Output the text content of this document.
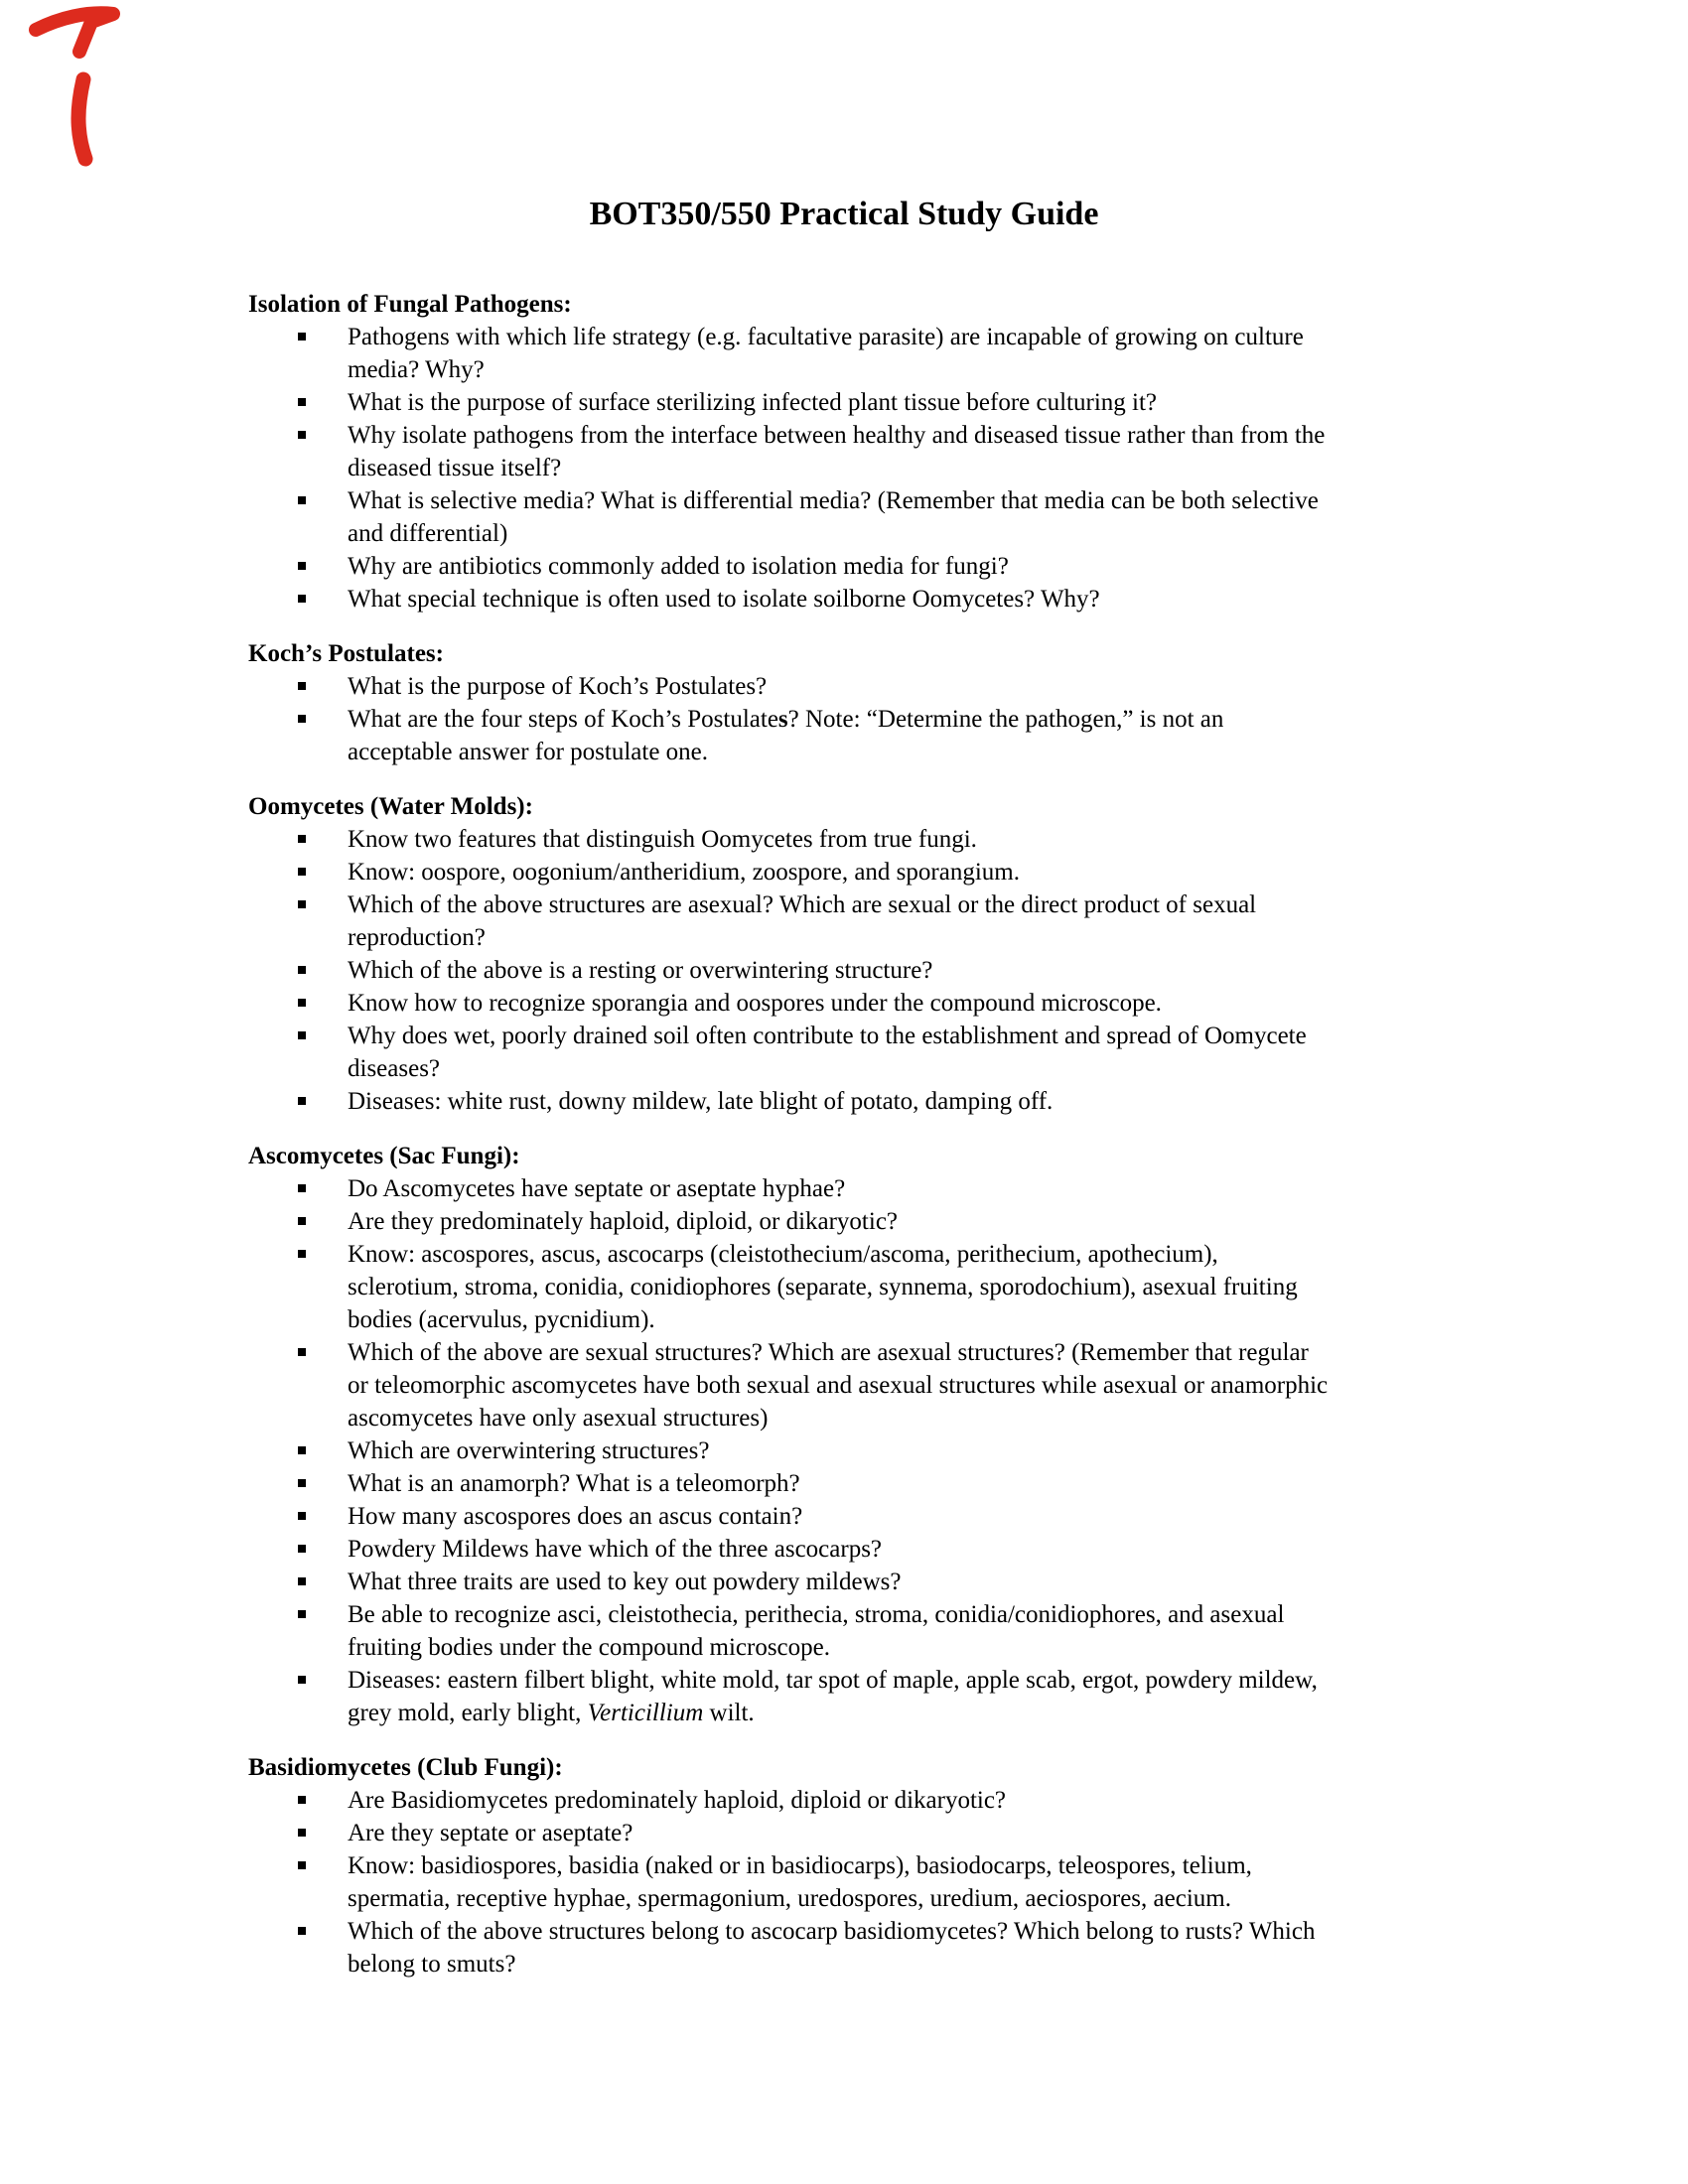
BOT350/550 Practical Study Guide
Isolation of Fungal Pathogens:
Pathogens with which life strategy (e.g. facultative parasite) are incapable of growing on culture
media? Why?
What is the purpose of surface sterilizing infected plant tissue before culturing it?
Why isolate pathogens from the interface between healthy and diseased tissue rather than from the
diseased tissue itself?
What is selective media? What is differential media? (Remember that media can be both selective
and differential)
Why are antibiotics commonly added to isolation media for fungi?
What special technique is often used to isolate soilborne Oomycetes? Why?
Koch’s Postulates:
What is the purpose of Koch’s Postulates?
What are the four steps of Koch’s Postulates? Note: “Determine the pathogen,” is not an
acceptable answer for postulate one.
Oomycetes (Water Molds):
Know two features that distinguish Oomycetes from true fungi.
Know: oospore, oogonium/antheridium, zoospore, and sporangium.
Which of the above structures are asexual? Which are sexual or the direct product of sexual
reproduction?
Which of the above is a resting or overwintering structure?
Know how to recognize sporangia and oospores under the compound microscope.
Why does wet, poorly drained soil often contribute to the establishment and spread of Oomycete
diseases?
Diseases: white rust, downy mildew, late blight of potato, damping off.
Ascomycetes (Sac Fungi):
Do Ascomycetes have septate or aseptate hyphae?
Are they predominately haploid, diploid, or dikaryotic?
Know: ascospores, ascus, ascocarps (cleistothecium/ascoma, perithecium, apothecium),
sclerotium, stroma, conidia, conidiophores (separate, synnema, sporodochium), asexual fruiting
bodies (acervulus, pycnidium).
Which of the above are sexual structures? Which are asexual structures? (Remember that regular
or teleomorphic ascomycetes have both sexual and asexual structures while asexual or anamorphic
ascomycetes have only asexual structures)
Which are overwintering structures?
What is an anamorph? What is a teleomorph?
How many ascospores does an ascus contain?
Powdery Mildews have which of the three ascocarps?
What three traits are used to key out powdery mildews?
Be able to recognize asci, cleistothecia, perithecia, stroma, conidia/conidiophores, and asexual
fruiting bodies under the compound microscope.
Diseases: eastern filbert blight, white mold, tar spot of maple, apple scab, ergot, powdery mildew,
grey mold, early blight, Verticillium wilt.
Basidiomycetes (Club Fungi):
Are Basidiomycetes predominately haploid, diploid or dikaryotic?
Are they septate or aseptate?
Know: basidiospores, basidia (naked or in basidiocarps), basiodocarps, teleospores, telium,
spermatia, receptive hyphae, spermagonium, uredospores, uredium, aeciospores, aecium.
Which of the above structures belong to ascocarp basidiomycetes? Which belong to rusts? Which
belong to smuts?
